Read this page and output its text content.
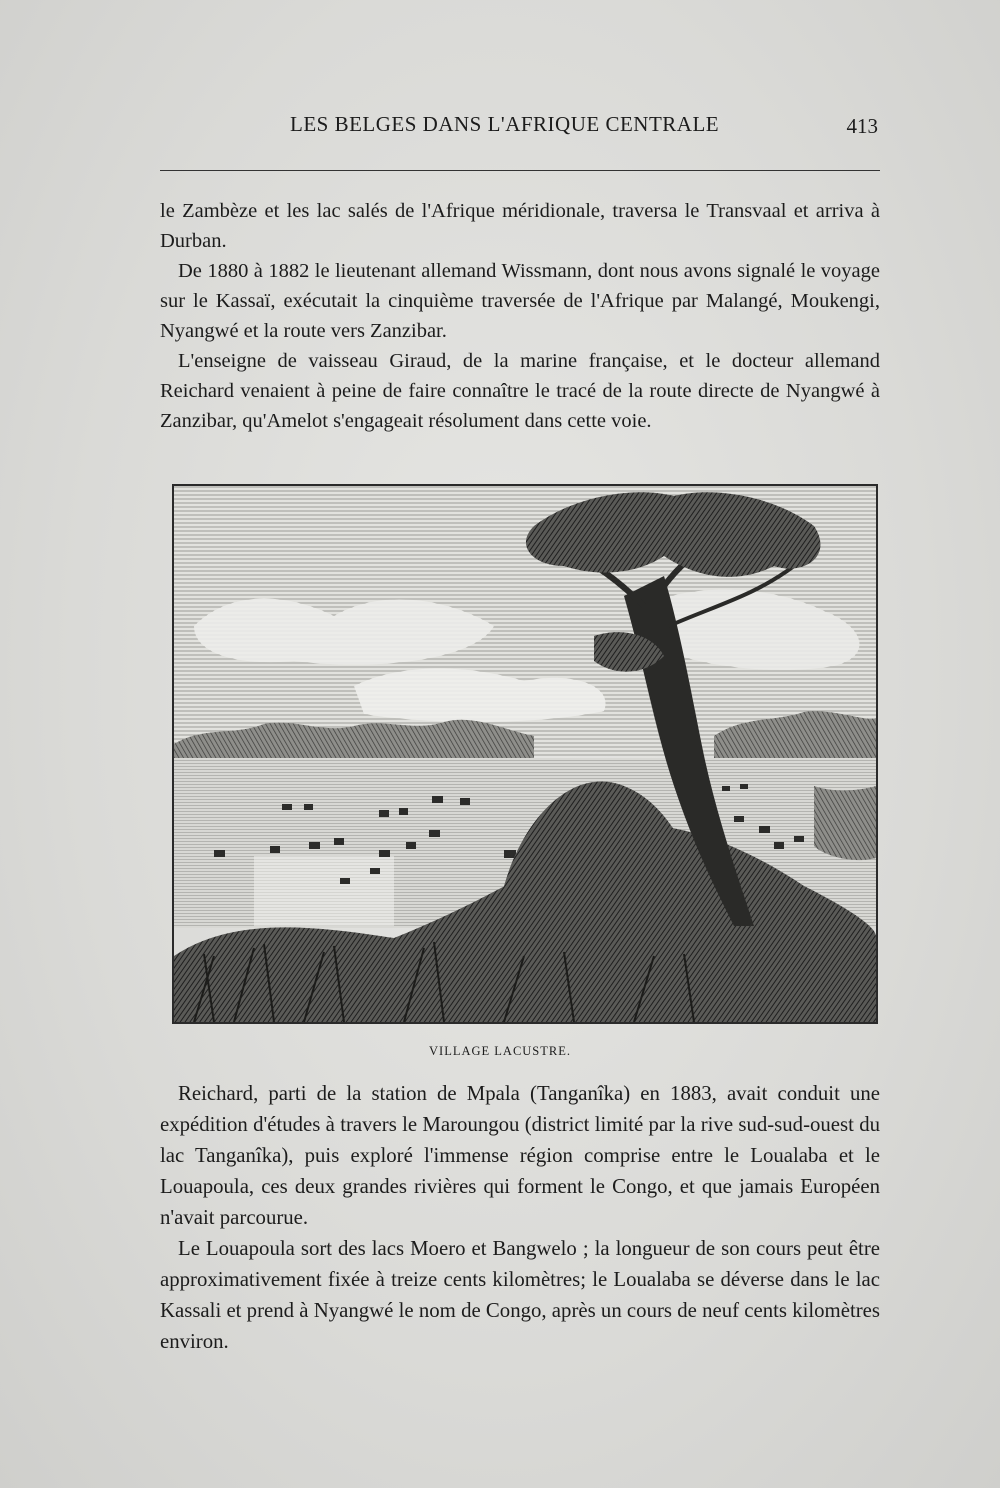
LES BELGES DANS L'AFRIQUE CENTRALE	413

le Zambèze et les lac salés de l'Afrique méridionale, traversa le Transvaal et arriva à Durban.

De 1880 à 1882 le lieutenant allemand Wissmann, dont nous avons signalé le voyage sur le Kassaï, exécutait la cinquième traversée de l'Afrique par Malangé, Moukengi, Nyangwé et la route vers Zanzibar.

L'enseigne de vaisseau Giraud, de la marine française, et le docteur allemand Reichard venaient à peine de faire connaître le tracé de la route directe de Nyangwé à Zanzibar, qu'Amelot s'engageait résolument dans cette voie.

VILLAGE LACUSTRE.

Reichard, parti de la station de Mpala (Tanganîka) en 1883, avait conduit une expédition d'études à travers le Maroungou (district limité par la rive sud-sud-ouest du lac Tanganîka), puis exploré l'immense région comprise entre le Loualaba et le Louapoula, ces deux grandes rivières qui forment le Congo, et que jamais Européen n'avait parcourue.

Le Louapoula sort des lacs Moero et Bangwelo ; la longueur de son cours peut être approximativement fixée à treize cents kilomètres; le Loualaba se déverse dans le lac Kassali et prend à Nyangwé le nom de Congo, après un cours de neuf cents kilomètres environ.
